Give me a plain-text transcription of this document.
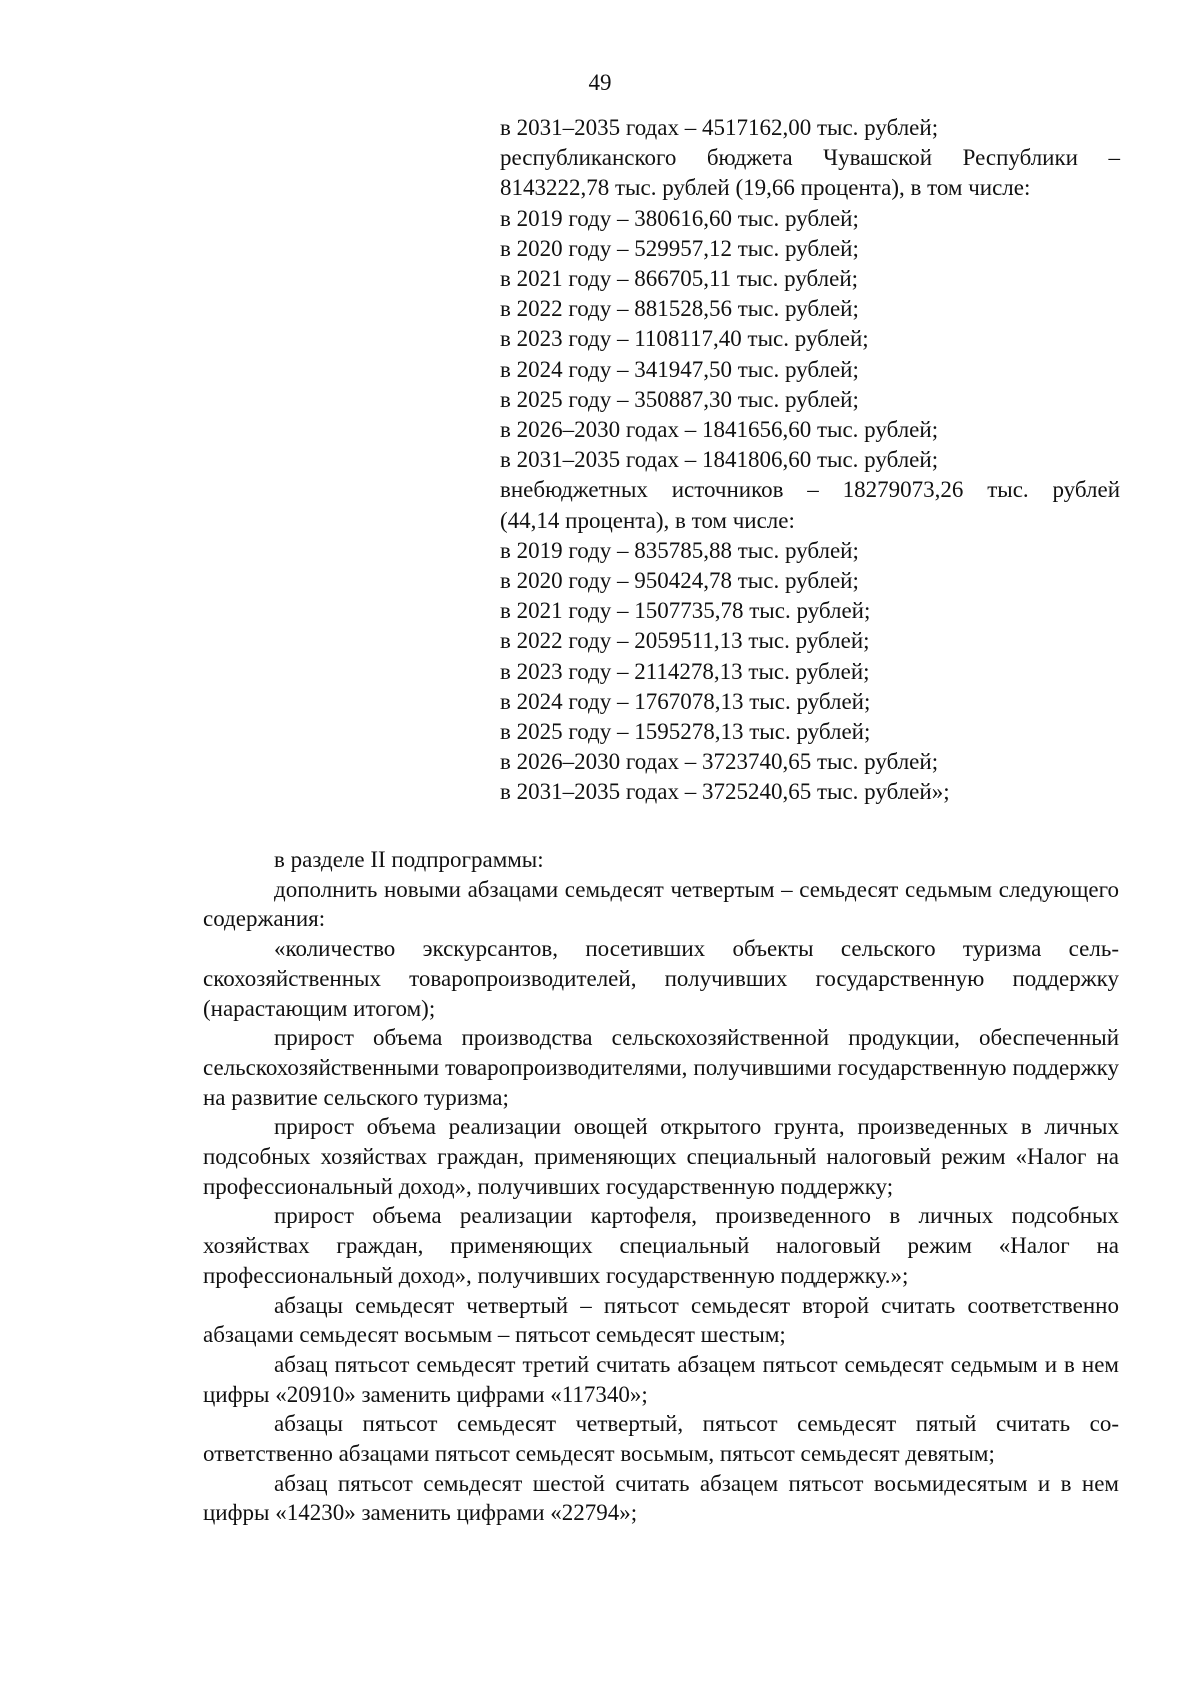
49
в 2031–2035 годах – 4517162,00 тыс. рублей;
республиканского бюджета Чувашской Республики –
8143222,78 тыс. рублей (19,66 процента), в том числе:
в 2019 году – 380616,60 тыс. рублей;
в 2020 году – 529957,12 тыс. рублей;
в 2021 году – 866705,11 тыс. рублей;
в 2022 году – 881528,56 тыс. рублей;
в 2023 году – 1108117,40 тыс. рублей;
в 2024 году – 341947,50 тыс. рублей;
в 2025 году – 350887,30 тыс. рублей;
в 2026–2030 годах – 1841656,60 тыс. рублей;
в 2031–2035 годах – 1841806,60 тыс. рублей;
внебюджетных источников – 18279073,26 тыс. рублей
(44,14 процента), в том числе:
в 2019 году – 835785,88 тыс. рублей;
в 2020 году – 950424,78 тыс. рублей;
в 2021 году – 1507735,78 тыс. рублей;
в 2022 году – 2059511,13 тыс. рублей;
в 2023 году – 2114278,13 тыс. рублей;
в 2024 году – 1767078,13 тыс. рублей;
в 2025 году – 1595278,13 тыс. рублей;
в 2026–2030 годах – 3723740,65 тыс. рублей;
в 2031–2035 годах – 3725240,65 тыс. рублей»;

в разделе II подпрограммы:

дополнить новыми абзацами семьдесят четвертым – семьдесят седьмым следующего содержания:

«количество экскурсантов, посетивших объекты сельского туризма сельскохозяйственных товаропроизводителей, получивших государственную поддержку (нарастающим итогом);

прирост объема производства сельскохозяйственной продукции, обеспеченный сельскохозяйственными товаропроизводителями, получившими государственную поддержку на развитие сельского туризма;

прирост объема реализации овощей открытого грунта, произведенных в личных подсобных хозяйствах граждан, применяющих специальный налоговый режим «Налог на профессиональный доход», получивших государственную поддержку;

прирост объема реализации картофеля, произведенного в личных подсобных хозяйствах граждан, применяющих специальный налоговый режим «Налог на профессиональный доход», получивших государственную поддержку.»;

абзацы семьдесят четвертый – пятьсот семьдесят второй считать соответственно абзацами семьдесят восьмым – пятьсот семьдесят шестым;

абзац пятьсот семьдесят третий считать абзацем пятьсот семьдесят седьмым и в нем цифры «20910» заменить цифрами «117340»;

абзацы пятьсот семьдесят четвертый, пятьсот семьдесят пятый считать соответственно абзацами пятьсот семьдесят восьмым, пятьсот семьдесят девятым;

абзац пятьсот семьдесят шестой считать абзацем пятьсот восьмидесятым и в нем цифры «14230» заменить цифрами «22794»;
